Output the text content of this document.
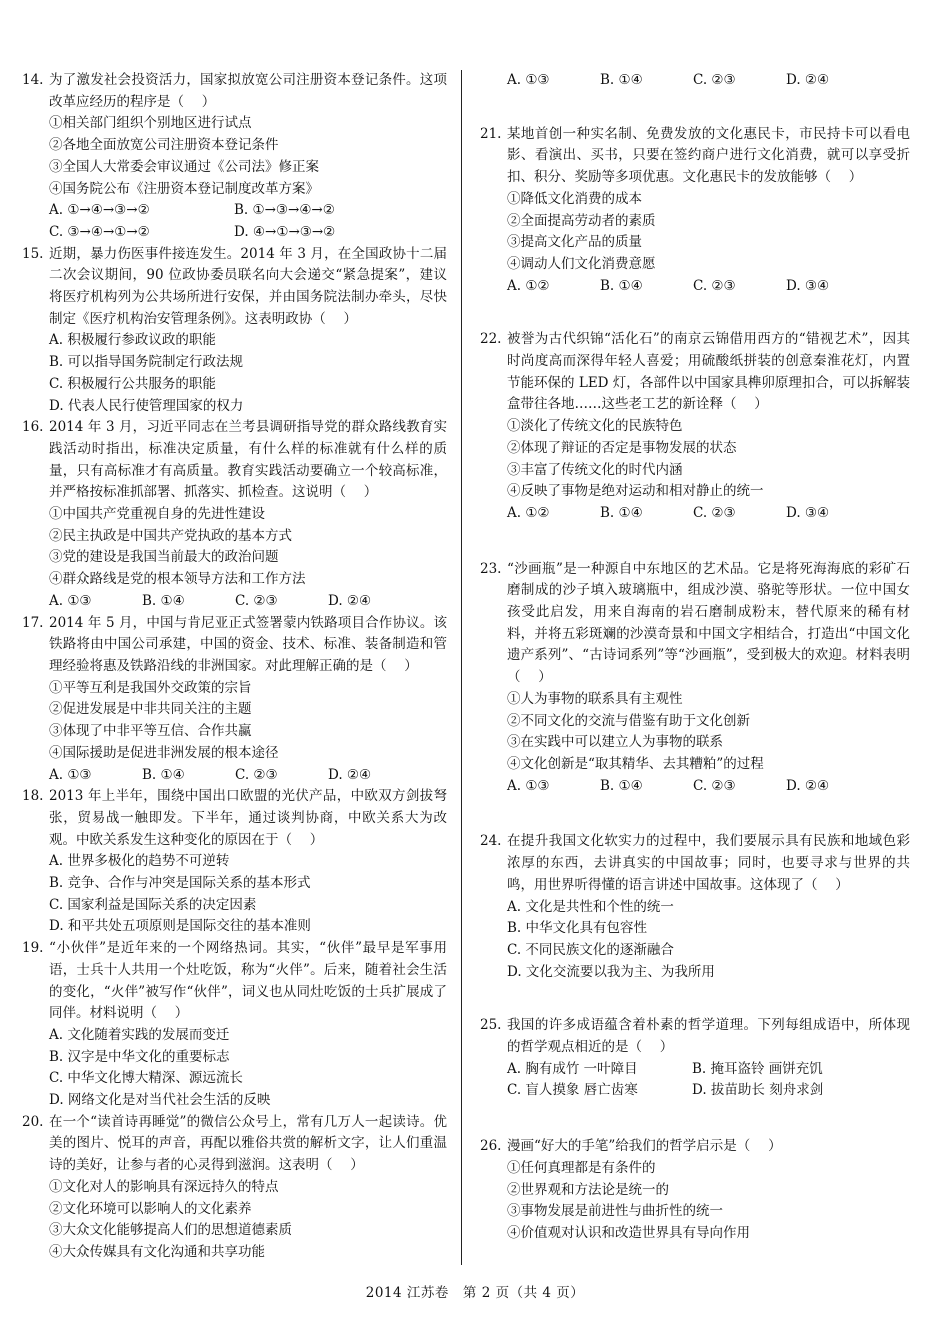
14. 为了激发社会投资活力，国家拟放宽公司注册资本登记条件。这项改革应经历的程序是（　 ）
①相关部门组织个别地区进行试点
②各地全面放宽公司注册资本登记条件
③全国人大常委会审议通过《公司法》修正案
④国务院公布《注册资本登记制度改革方案》
A. ①→④→③→②	B. ①→③→④→②
C. ③→④→①→②	D. ④→①→③→②
15. 近期，暴力伤医事件接连发生。2014 年 3 月，在全国政协十二届二次会议期间，90 位政协委员联名向大会递交“紧急提案”，建议将医疗机构列为公共场所进行安保，并由国务院法制办牵头，尽快制定《医疗机构治安管理条例》。这表明政协（　 ）
A. 积极履行参政议政的职能
B. 可以指导国务院制定行政法规
C. 积极履行公共服务的职能
D. 代表人民行使管理国家的权力
16. 2014 年 3 月，习近平同志在兰考县调研指导党的群众路线教育实践活动时指出，标准决定质量，有什么样的标准就有什么样的质量，只有高标准才有高质量。教育实践活动要确立一个较高标准，并严格按标准抓部署、抓落实、抓检查。这说明（　 ）
①中国共产党重视自身的先进性建设
②民主执政是中国共产党执政的基本方式
③党的建设是我国当前最大的政治问题
④群众路线是党的根本领导方法和工作方法
A. ①③	B. ①④	C. ②③	D. ②④
17. 2014 年 5 月，中国与肯尼亚正式签署蒙内铁路项目合作协议。该铁路将由中国公司承建，中国的资金、技术、标准、装备制造和管理经验将惠及铁路沿线的非洲国家。对此理解正确的是（　 ）
①平等互利是我国外交政策的宗旨
②促进发展是中非共同关注的主题
③体现了中非平等互信、合作共赢
④国际援助是促进非洲发展的根本途径
A. ①③	B. ①④	C. ②③	D. ②④
18. 2013 年上半年，围绕中国出口欧盟的光伏产品，中欧双方剑拔弩张，贸易战一触即发。下半年，通过谈判协商，中欧关系大为改观。中欧关系发生这种变化的原因在于（　 ）
A. 世界多极化的趋势不可逆转
B. 竞争、合作与冲突是国际关系的基本形式
C. 国家利益是国际关系的决定因素
D. 和平共处五项原则是国际交往的基本准则
19. “小伙伴”是近年来的一个网络热词。其实，“伙伴”最早是军事用语，士兵十人共用一个灶吃饭，称为“火伴”。后来，随着社会生活的变化，“火伴”被写作“伙伴”，词义也从同灶吃饭的士兵扩展成了同伴。材料说明（　 ）
A. 文化随着实践的发展而变迁
B. 汉字是中华文化的重要标志
C. 中华文化博大精深、源远流长
D. 网络文化是对当代社会生活的反映
20. 在一个“读首诗再睡觉”的微信公众号上，常有几万人一起读诗。优美的图片、悦耳的声音，再配以雅俗共赏的解析文字，让人们重温诗的美好，让参与者的心灵得到滋润。这表明（　 ）
①文化对人的影响具有深远持久的特点
②文化环境可以影响人的文化素养
③大众文化能够提高人们的思想道德素质
④大众传媒具有文化沟通和共享功能
A. ①③	B. ①④	C. ②③	D. ②④
21. 某地首创一种实名制、免费发放的文化惠民卡，市民持卡可以看电影、看演出、买书，只要在签约商户进行文化消费，就可以享受折扣、积分、奖励等多项优惠。文化惠民卡的发放能够（　 ）
①降低文化消费的成本
②全面提高劳动者的素质
③提高文化产品的质量
④调动人们文化消费意愿
A. ①②	B. ①④	C. ②③	D. ③④
22. 被誉为古代织锦“活化石”的南京云锦借用西方的“错视艺术”，因其时尚度高而深得年轻人喜爱；用硫酸纸拼装的创意秦淮花灯，内置节能环保的 LED 灯，各部件以中国家具榫卯原理扣合，可以拆解装盒带往各地……这些老工艺的新诠释（　 ）
①淡化了传统文化的民族特色
②体现了辩证的否定是事物发展的状态
③丰富了传统文化的时代内涵
④反映了事物是绝对运动和相对静止的统一
A. ①②	B. ①④	C. ②③	D. ③④
23. “沙画瓶”是一种源自中东地区的艺术品。它是将死海海底的彩矿石磨制成的沙子填入玻璃瓶中，组成沙漠、骆驼等形状。一位中国女孩受此启发，用来自海南的岩石磨制成粉末，替代原来的稀有材料，并将五彩斑斓的沙漠奇景和中国文字相结合，打造出“中国文化遗产系列”、“古诗词系列”等“沙画瓶”，受到极大的欢迎。材料表明（　 ）
①人为事物的联系具有主观性
②不同文化的交流与借鉴有助于文化创新
③在实践中可以建立人为事物的联系
④文化创新是“取其精华、去其糟粕”的过程
A. ①③	B. ①④	C. ②③	D. ②④
24. 在提升我国文化软实力的过程中，我们要展示具有民族和地域色彩浓厚的东西，去讲真实的中国故事；同时，也要寻求与世界的共鸣，用世界听得懂的语言讲述中国故事。这体现了（　 ）
A. 文化是共性和个性的统一
B. 中华文化具有包容性
C. 不同民族文化的逐渐融合
D. 文化交流要以我为主、为我所用
25. 我国的许多成语蕴含着朴素的哲学道理。下列每组成语中，所体现的哲学观点相近的是（　 ）
A. 胸有成竹 一叶障目	B. 掩耳盗铃 画饼充饥
C. 盲人摸象 唇亡齿寒	D. 拔苗助长 刻舟求剑
26. 漫画“好大的手笔”给我们的哲学启示是（　 ）
①任何真理都是有条件的
②世界观和方法论是统一的
③事物发展是前进性与曲折性的统一
④价值观对认识和改造世界具有导向作用
2014 江苏卷　第 2 页（共 4 页）
